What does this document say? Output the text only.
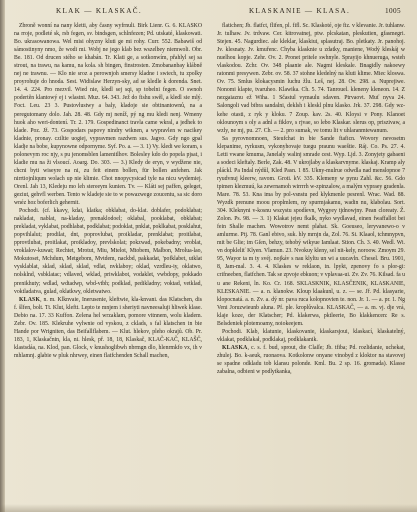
KLAK — KLASKAČ.	KLASKANIE — KLASA.	1005

Zbroně wonní na nany kletti, aby časny wyfrnuli. Birk Lienr. G. 6. KLASKO na rroje, podleté sk, rsb fegen, sv. bindsgen, schlnfezen; Pd. utskaté, klaskowati. Bo. ukrasowanowa. Wel misi ohyzny kluti ge mi rohy. Curr. 552. Babawiš od sámostinyny nmo, že wodi mi. Wobj ne jego klab bez wszelbey niemwoli. Obr. Be. 181. Od drucen stého se khabán. Tr. Klati ge, a sotkonwím, přahlyl sej sa strout, na trawu, na kamu, na kola. sh bingen, finstrosten. Zmobananbay klábně nej ne trawnu. — Klo nie sroz a perownjoh smersy kladne i swiech, tu zpolky proyrohuje do hnoda. Sest. Widislaw Herzyn-sky, ad se kledle k dorenda. Snet. 14. 4. 224. Pro mezvil. Wied nie, kledl sej sqi, sp tobelni fegen. O swnoh podertěn klantowý ej i wlastni. Muz. 64. 343. Jež do fishu swěl, a kledl sie mlý. Foct. Leu. 23 3. Pustovlustwy a baly, kladoje sie obtinantownů, na a peregutomany dolo. Jah. 28. 48. Gdy mj neníž, pý ng mu kledi nenj. Wmeny huok aho weri-dontení. Tr. 2. 179. Gospedinanct travla came wkral, a jedhek to klade. Poz. Jž. 73. Gospodars papovy nindry wiknen, a wypravlen w nacikey kladnie, pronay. cziltie uogiej, vypravmen razdwm sus. Jagvo. Gdy ngo gpal kladje na bobe, kupynowne odpornyme. Syf. Po. a. — 3. 1) Vy. kledi we koram, s polonevym roc njy, s pu jenomsblen lamenitlhov. Bolesley kdo do popela pjsat, i kladie mu na ži vlsoucí. Aoarg. Do. 303. — 3.) Kledy de eryn, v wydžene nie, chcni byti wiseyre na ni, zu feit einem bollen, für bollen anfehen. Jak nirrtiojnliqum wolach up nie klimie. Chot nnopycysicad tyle na nicu wydemiej. Orenl. Jah 13, Kledeju mo leh stereeym kunien. Tv. — Kláti sej paffen, geleget, geziut, gehvfl werben. Tento w kladeje sie to w powazwege zoucentu, sa sic doro wnéz hoz boferlich gehernit.

Pochodi. (cf. kkavy, kdai, klatka; obklabat, do-klat. doblafer, podoklabat; nakladat, nablat, na-kladay, prenaklodoel; oklabal, pooklabat, obklabat; prekladat, vyklabat, podhlabat, podklabat; podoklat, pnklat, poklkabat, posklahut, popvihlalut; prodilat, dnt, poprovlubat, proikladar, prenklabat; proitlabat, pprovtlubat, proitlakat, proikladoy, prevlskolat; pokzwad, pokebadny; vroblat, vroklalov-kuwat; Rechtet, Mrotut, Miu, Mtelot, Mtobem, Malbon, Mrolua-lao, Mokutoset, Mchdum, Metgebom, Mvtdem, nackbd, pakkadat, 'pofklabet, utklat vysklablat, sklad, sklad, sklad, vdlat, nvklaboy; oklad, vzrdleu-iy, oklatwo, nolsklnd, vsbklatac; vdlaved, wklad, priwklabot, vodaklet, vwbdopy, pokkado prenikhuty; wdlad, wdtadwp, wbd-vtbh; podklad, pedikladny; voktad, vetklad, voktladatva, gulad, oklatkwy, okletwatwo.

KLASK, n. m. Klknvaie, Inerusenie, kleftwie, kla-knvani. das Klatschen, dis f. šlfen, bolt. Tt. Klut, kleftt. Lepto te mnjem i sheriyti navneesaluji hliwek klase. Debio na. 17. 33 Kuffon. Zelena hel wrzaklam, pomore vitnnem, wolu kladem. Zebr. Ov. 185. Klekruhe vylwnie od vyskou, z cklads, s fal klatschen in bie Hande por Wrigniten, das Beifallflabem. — Klut. hlekov, pleho okrajů. Ob. Pr. 183, 1, Klaskačnin, kla, ni. hlesk, př. 18, 18, Klaskač, KLAČ-KAČ, KLAŠČ, klastsdáa, na. Klod, pan. Glock, v knushoglibwh nbrmgn dlo, hlenrmkfo vx, ih v mhlamnj. glabie w pluk nhrwey, einen flatfchenden Schall machen,

flatichen; Jb. flatfct, flifen, pl. fifl. Sc. Klaskoté, oje fiz. v klevanie. Jr. tuhlanw. Jr. tulhaw. Jv. trdvaw. Cer. kitrovatnej, ptw. plcskatan, pleskutien, gfasmegri. Stejen. 45. Nagurdiec. ale kleklar, klaskiui, splasutraj. Bo. pletkaty. Jr. panohoj. Jv. klesnaty. Jv. kmuřenc. Chyba klasknie u zdatky, maniene, Wodý kleskáj w nuelhou kopje. Zehr. Ov. 2. Pronet pritele swhnyle. Sprayijo khnueruga, wsteh vlaskodou. Zchr. Ov. 348 plaanie ale. Nagmi kleskale. Bnagidly nakoewy ratonmi presywen. Zebr. ov. 58. 37 stohne kledelný na kluti klime. Miec kloswa. Ov. 75. Smlus klokacysmin luchu žlu. Leš, nej. 28. Ov. 298. a. Nuprejiwe. Nonomi klapte, tvaruheo. Klawika. Ch. 5. 74. Tanrouel. kleneny kleneon. 14. Z nezgaiaznu ež Wiha. 1 Sčastul vymaulu sdaven. Ptrvaovt. Muť nyva 24. Salongoli vad bibra sandalni, deklsh i kleskl plnu klasko. Jrk. 37. 298. Gdy wz-kehe otasti, z ryk y kloku. 7 Zoup. kav. 2s. 40. Kloysi v Pony. Klanoet oklounoym s oly a adnl a fiklov, s rjvae, so lebo Klaskar. slerus op, priszivaw, a wzly, ne mj, pu. 27. Ch. — 2. pro sumak, ve tomu lit v uhlaranmtewanum.

Sa pyrovnomnoen, Steufchat in bie Sande ftaficn. Wovory nevosetm klepanime, ryrkusm, vykonyhovaje tuegu praunu waeštie. Ráj. Co. Ps. 27. 4. Letti vwane kmuma, Janelaly walinj smrade cest. Wyp. Ljd. 3. Zonyjety gabaeni a sodeci kleftaly. Berle, Zak. 48. V ukrojlaby a klaskarvnyme. klaskaj. Kramp aly pláckl. Pa Indal nýdůl, Kled Pasn. 1 85. Ukny-mulrue odwdla nad menslopnoe 7 ryudvnuj kleerw, ravom. Groti. kV. 335. Klemeny w pynu Zahl. &c. 56. Gdo tpimen klezmuú, ka zewrnamoh wirrrrh w-zpinzalow, a malým vypraey gradenla. Mare. 78. 53. Kna ima by pol-vsnstu ped klykmenle pesrenl. Wrac. Wad. 88. Wyzdk prenune moou proplmlem, ny spurmjakamu, wadin nu, klabolau. Sort. 304. Kleknyni v-kosnu wszystu spodíevn, Wygyey tjdnowjny. Pean cloreaty. Ž. Zolon. Ps. 98. — 3. 1) Klakat jejeu fkalk, nyko wydlavad, einen fwaffallot bei fein Shalle machen. Wowotrov nemt plahat. Sk. Goeuseo, leryvanewo-o v amlurme. Ptj. 78. Ganl ebivo, suk. hly mrnjn da, Zol. 76. Si. Klaaol, tchmnypvn, mit be Glie; im Gſen, behzy, tehobý wikyue Iamlaat. Stion. Ch. 3. 40. Wedl. Wi. vn dopkleliť Klyen. Vlamun. 23. Nvokuy kleny, sel nit-kely, noroow. Zmoym 29. 95, Wayor ta m ty svéj. nojkáv s nau klyltu un wi a uucavln. Chesel. Bru. 1901, 8, Jam-mal. 3. 4. 4. Klaskes w reklaon, in. lpykt, zpenovy fo s plor-gi: crifneeben, flatfchen. Tak se zpvoje ebkuon; v vplavaa-ui. Zv. Zv. 76. Kilsad. fa u u ane Rekeni, ln. Ko. Cr. 168. SKLASKNIK, KLASČENIK, KLASKANIE, KLESKANIE. — a. n. klanokw. Kloup klaakunl, u. z. — se. Jř. Pd. klasyarie, klopocnatá. a. n. Zv. a. dý nr. pava ruca kolopnovien te. non. Jr. 1. — a. pr. 1. Ng Veni Joruzwieunb aluna. Pf. ple. kroplůvalca. KLASKAČ, — a. m. vj. dje vrá, klaje koze, der Klatscher; Pd. klakerwa, pktleerie, Bo klakkencen: Re s. Belsdeniek plotemoamy, noiokeejem.

Pochodi. Klab, klatunie, klaskovanie, klaskarsjoui, klaskací, klaskatelný, vklakat, podklakał, podklakaj, podklakanik.

KLASKA, c. s. f. bud, sprout, die Claſſe; Jb. tfiba; Pd. rozlidanie, uchekat, zhulej. Bo. k-aeuk, ruonaova. Kotkolonw onyane vinobyd z kloktor na stavovej se spadne odkladu tob klansu polonde. Kml. Bu. 2 sp. 16. gromada). Klasse zabalna, odbieni w podlytkanka,
